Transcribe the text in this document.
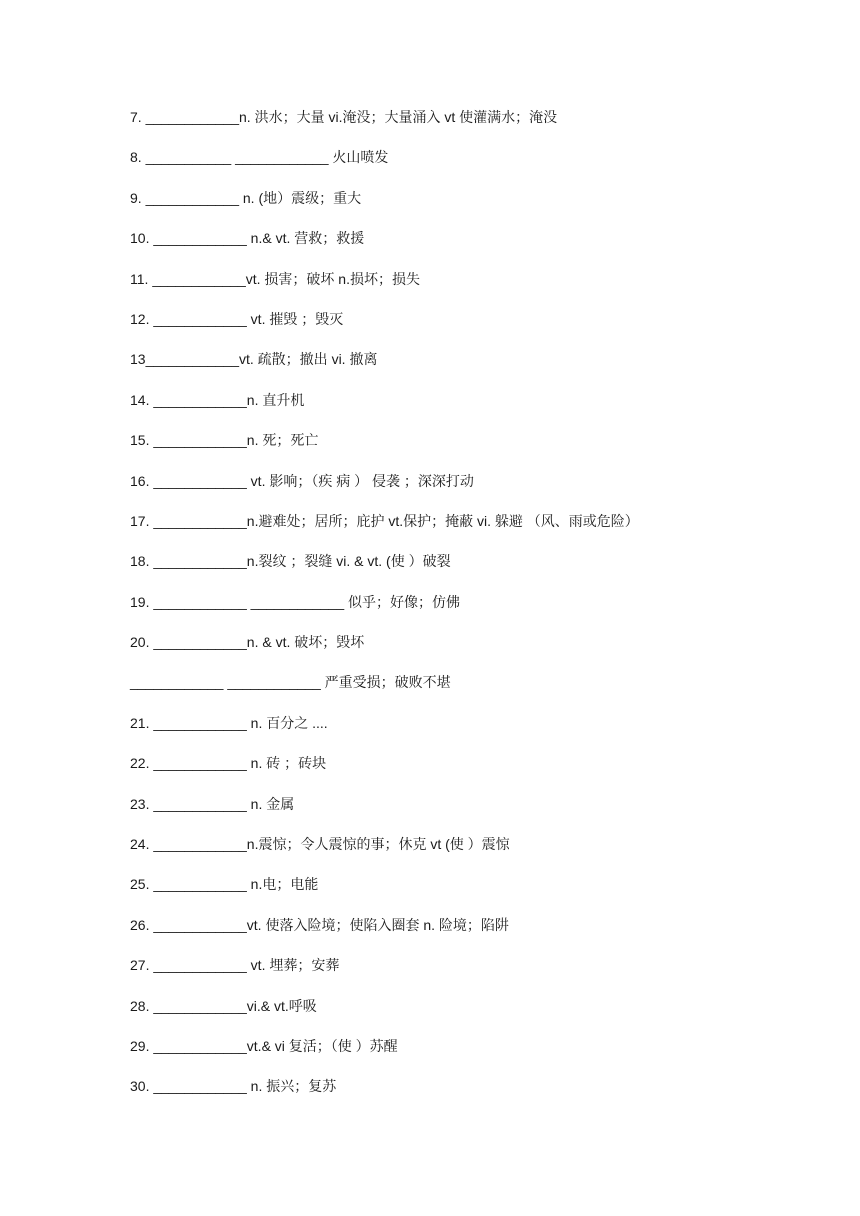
7. ____________n. 洪水；大量 vi.淹没；大量涌入 vt 使灌满水；淹没
8. ___________ ____________ 火山喷发
9. ____________ n. (地）震级；重大
10. ____________ n.& vt. 营救；救援
11. ____________vt. 损害；破坏 n.损坏；损失
12. ____________ vt. 摧毁 ；毁灭
13____________vt. 疏散；撤出 vi. 撤离
14. ____________n. 直升机
15. ____________n. 死；死亡
16. ____________ vt. 影响；（疾 病 ） 侵袭 ；深深打动
17. ____________n.避难处；居所；庇护 vt.保护；掩蔽 vi. 躲避 （风、雨或危险）
18. ____________n.裂纹 ；裂缝 vi. & vt. (使 ）破裂
19. ____________ ____________ 似乎；好像；仿佛
20. ____________n. & vt. 破坏；毁坏
____________ ____________ 严重受损；破败不堪
21. ____________ n. 百分之 ....
22. ____________ n. 砖 ；砖块
23. ____________ n. 金属
24. ____________n.震惊；令人震惊的事；休克 vt (使 ）震惊
25. ____________ n.电；电能
26. ____________vt. 使落入险境；使陷入圈套 n. 险境；陷阱
27. ____________ vt. 埋葬；安葬
28. ____________vi.& vt.呼吸
29. ____________vt.& vi 复活；（使 ）苏醒
30. ____________ n. 振兴；复苏
